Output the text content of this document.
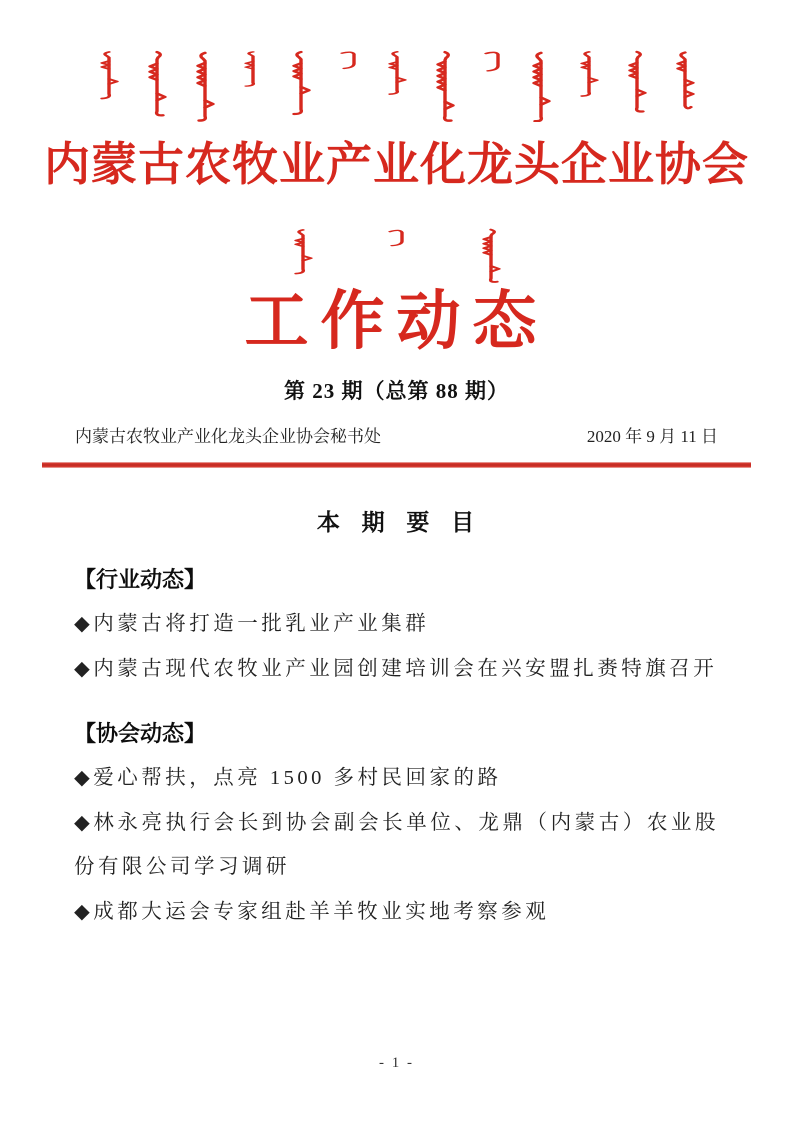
内蒙古农牧业产业化龙头企业协会
工作动态
第 23 期（总第 88 期）
内蒙古农牧业产业化龙头企业协会秘书处	2020 年 9 月 11 日
本 期 要 目
【行业动态】
◆内蒙古将打造一批乳业产业集群
◆内蒙古现代农牧业产业园创建培训会在兴安盟扎赉特旗召开
【协会动态】
◆爱心帮扶，点亮 1500 多村民回家的路
◆林永亮执行会长到协会副会长单位、龙鼎（内蒙古）农业股份有限公司学习调研
◆成都大运会专家组赴羊羊牧业实地考察参观
- 1 -
